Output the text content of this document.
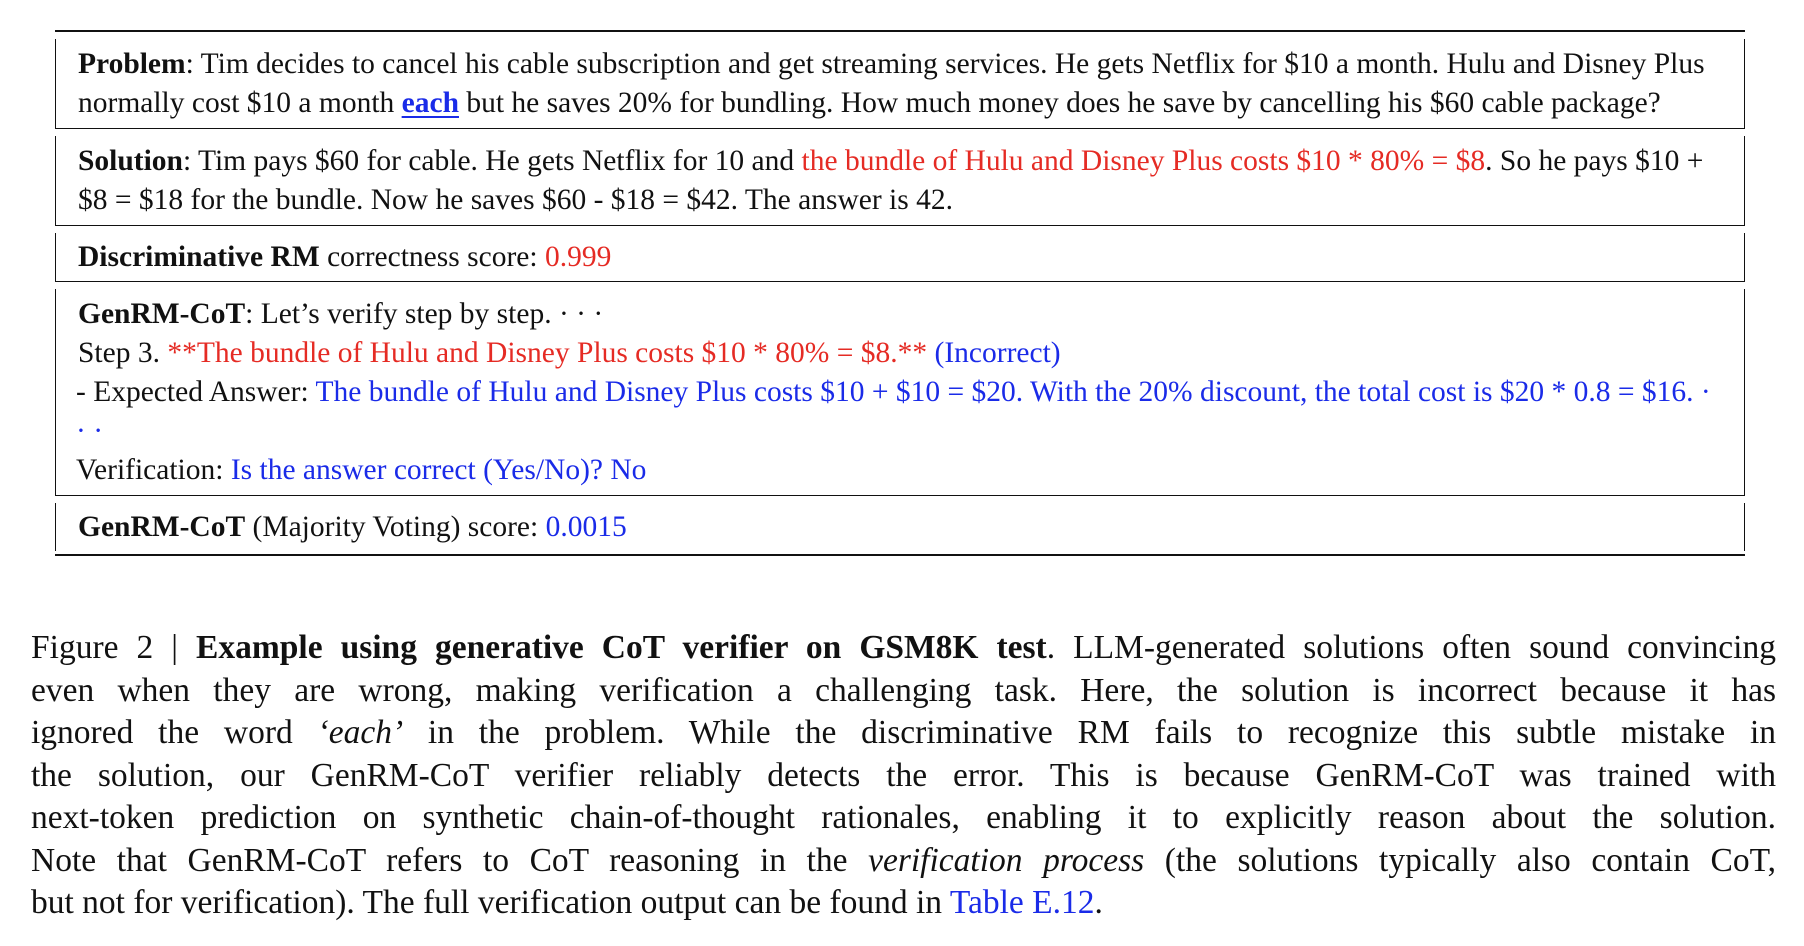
Problem: Tim decides to cancel his cable subscription and get streaming services. He gets Netflix for $10 a month. Hulu and Disney Plus normally cost $10 a month each but he saves 20% for bundling. How much money does he save by cancelling his $60 cable package?
Solution: Tim pays $60 for cable. He gets Netflix for 10 and the bundle of Hulu and Disney Plus costs $10 * 80% = $8. So he pays $10 + $8 = $18 for the bundle. Now he saves $60 - $18 = $42. The answer is 42.
Discriminative RM correctness score: 0.999
GenRM-CoT: Let’s verify step by step. · · ·
Step 3. **The bundle of Hulu and Disney Plus costs $10 * 80% = $8.** (Incorrect)
- Expected Answer: The bundle of Hulu and Disney Plus costs $10 + $10 = $20. With the 20% discount, the total cost is $20 * 0.8 = $16. · · ·
Verification: Is the answer correct (Yes/No)? No
GenRM-CoT (Majority Voting) score: 0.0015
Figure 2 | Example using generative CoT verifier on GSM8K test. LLM-generated solutions often sound convincing
even when they are wrong, making verification a challenging task. Here, the solution is incorrect because it has
ignored the word ‘each’ in the problem. While the discriminative RM fails to recognize this subtle mistake in
the solution, our GenRM-CoT verifier reliably detects the error. This is because GenRM-CoT was trained with
next-token prediction on synthetic chain-of-thought rationales, enabling it to explicitly reason about the solution.
Note that GenRM-CoT refers to CoT reasoning in the verification process (the solutions typically also contain CoT,
but not for verification). The full verification output can be found in Table E.12.
